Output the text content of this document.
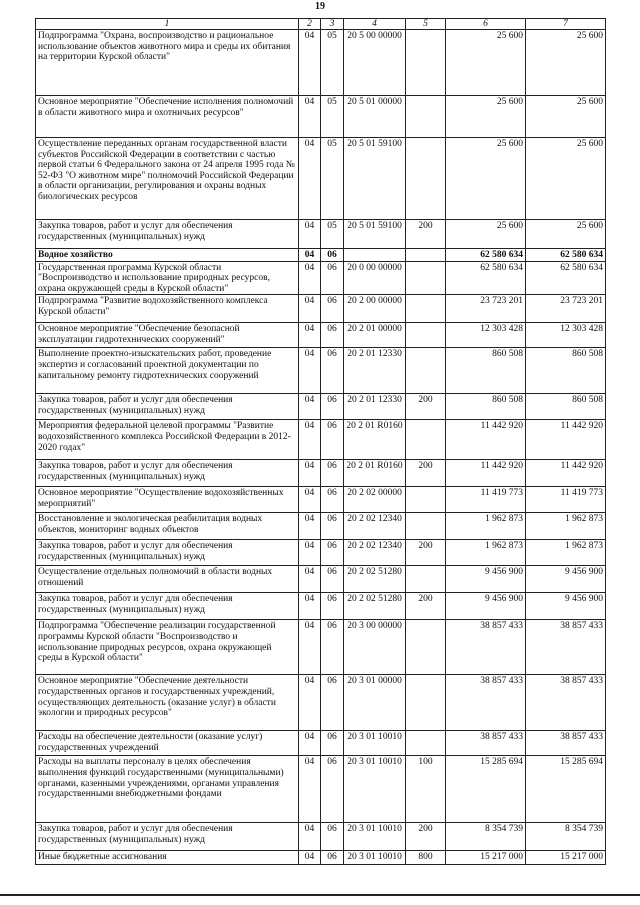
19
1	2	3	4	5	6	7
Подпрограмма "Охрана, воспроизводство и рациональное использование объектов животного мира и среды их обитания на территории Курской области"	04	05	20 5 00 00000		25 600	25 600
Основное мероприятие "Обеспечение исполнения полномочий в области животного мира и охотничьих ресурсов"	04	05	20 5 01 00000		25 600	25 600
Осуществление переданных органам государственной власти субъектов Российской Федерации в соответствии с частью первой статьи 6 Федерального закона от 24 апреля 1995 года № 52-ФЗ "О животном мире" полномочий Российской Федерации в области организации, регулирования и охраны водных биологических ресурсов	04	05	20 5 01 59100		25 600	25 600
Закупка товаров, работ и услуг для обеспечения государственных (муниципальных) нужд	04	05	20 5 01 59100	200	25 600	25 600
Водное хозяйство	04	06			62 580 634	62 580 634
Государственная программа Курской области "Воспроизводство и использование природных ресурсов, охрана окружающей среды в Курской области"	04	06	20 0 00 00000		62 580 634	62 580 634
Подпрограмма "Развитие водохозяйственного комплекса Курской области"	04	06	20 2 00 00000		23 723 201	23 723 201
Основное мероприятие "Обеспечение безопасной эксплуатации гидротехнических сооружений"	04	06	20 2 01 00000		12 303 428	12 303 428
Выполнение проектно-изыскательских работ, проведение экспертиз и согласований проектной документации по капитальному ремонту гидротехнических сооружений	04	06	20 2 01 12330		860 508	860 508
Закупка товаров, работ и услуг для обеспечения государственных (муниципальных) нужд	04	06	20 2 01 12330	200	860 508	860 508
Мероприятия федеральной целевой программы "Развитие водохозяйственного комплекса Российской Федерации в 2012-2020 годах"	04	06	20 2 01 R0160		11 442 920	11 442 920
Закупка товаров, работ и услуг для обеспечения государственных (муниципальных) нужд	04	06	20 2 01 R0160	200	11 442 920	11 442 920
Основное мероприятие "Осуществление водохозяйственных мероприятий"	04	06	20 2 02 00000		11 419 773	11 419 773
Восстановление и экологическая реабилитация водных объектов, мониторинг водных объектов	04	06	20 2 02 12340		1 962 873	1 962 873
Закупка товаров, работ и услуг для обеспечения государственных (муниципальных) нужд	04	06	20 2 02 12340	200	1 962 873	1 962 873
Осуществление отдельных полномочий в области водных отношений	04	06	20 2 02 51280		9 456 900	9 456 900
Закупка товаров, работ и услуг для обеспечения государственных (муниципальных) нужд	04	06	20 2 02 51280	200	9 456 900	9 456 900
Подпрограмма "Обеспечение реализации государственной программы Курской области "Воспроизводство и использование природных ресурсов, охрана окружающей среды в Курской области"	04	06	20 3 00 00000		38 857 433	38 857 433
Основное мероприятие "Обеспечение деятельности государственных органов и государственных учреждений, осуществляющих деятельность (оказание услуг) в области экологии и природных ресурсов"	04	06	20 3 01 00000		38 857 433	38 857 433
Расходы на обеспечение деятельности (оказание услуг) государственных учреждений	04	06	20 3 01 10010		38 857 433	38 857 433
Расходы на выплаты персоналу в целях обеспечения выполнения функций государственными (муниципальными) органами, казенными учреждениями, органами управления государственными внебюджетными фондами	04	06	20 3 01 10010	100	15 285 694	15 285 694
Закупка товаров, работ и услуг для обеспечения государственных (муниципальных) нужд	04	06	20 3 01 10010	200	8 354 739	8 354 739
Иные бюджетные ассигнования	04	06	20 3 01 10010	800	15 217 000	15 217 000
